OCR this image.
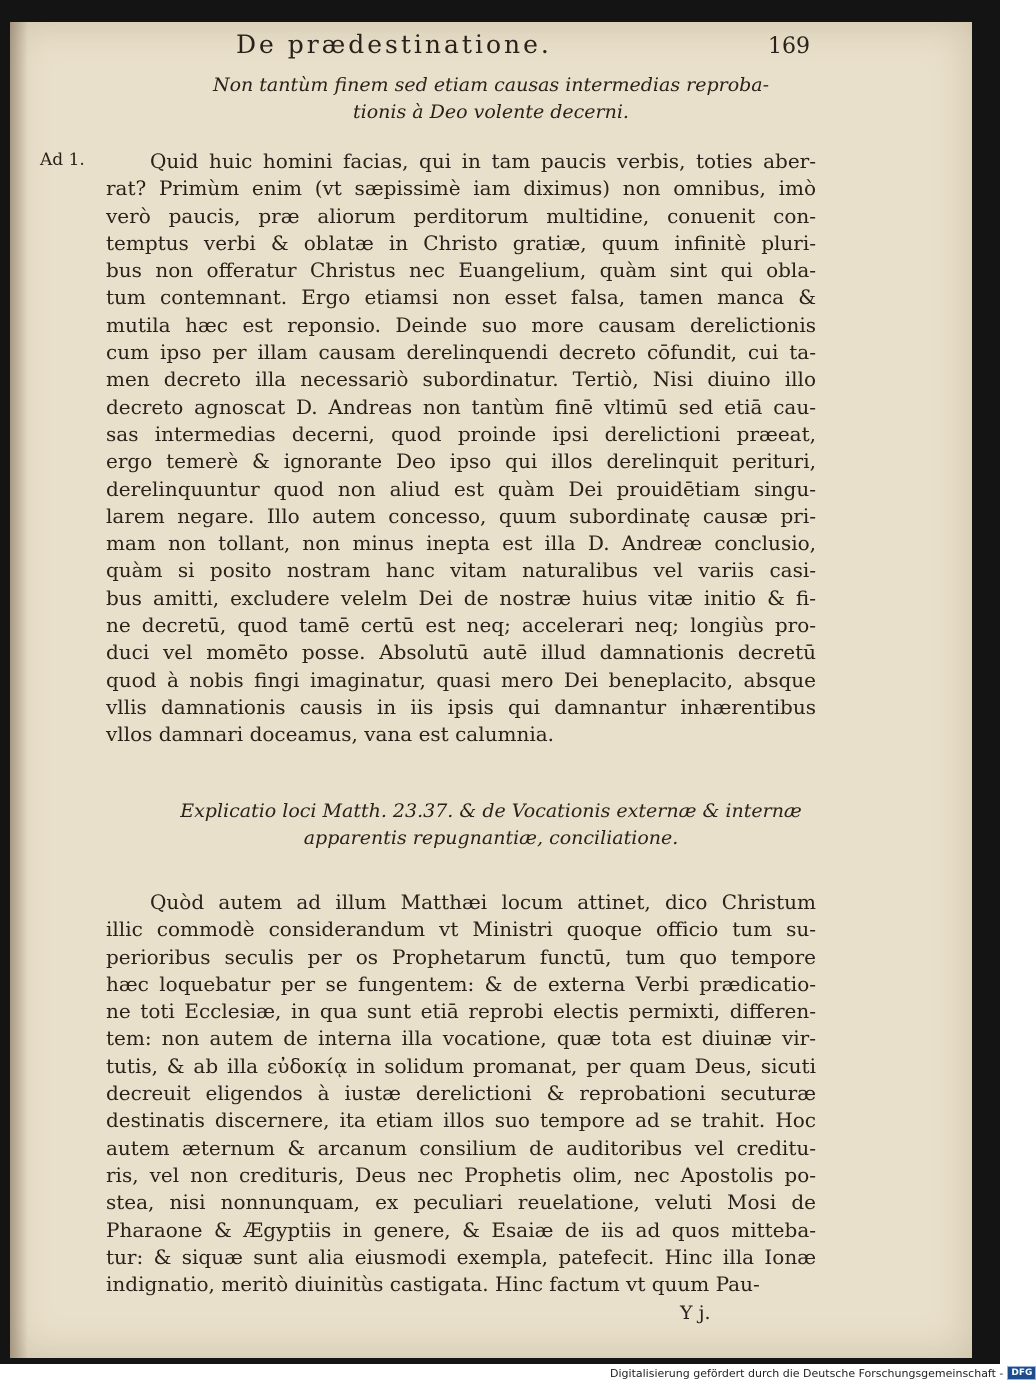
De prædestinatione.	169
Non tantùm finem sed etiam causas intermedias reproba-
tionis à Deo volente decerni.
Ad 1.	Quid huic homini facias, qui in tam paucis verbis, toties aber-
rat? Primùm enim (vt sæpissimè iam diximus) non omnibus, imò
verò paucis, præ aliorum perditorum multidine, conuenit con-
temptus verbi & oblatæ in Christo gratiæ, quum infinitè pluri-
bus non offeratur Christus nec Euangelium, quàm sint qui obla-
tum contemnant. Ergo etiamsi non esset falsa, tamen manca &
mutila hæc est reponsio. Deinde suo more causam derelictionis
cum ipso per illam causam derelinquendi decreto cōfundit, cui ta-
men decreto illa necessariò subordinatur. Tertiò, Nisi diuino illo
decreto agnoscat D. Andreas non tantùm finē vltimū sed etiā cau-
sas intermedias decerni, quod proinde ipsi derelictioni præeat,
ergo temerè & ignorante Deo ipso qui illos derelinquit perituri,
derelinquuntur quod non aliud est quàm Dei prouidētiam singu-
larem negare. Illo autem concesso, quum subordinatę causæ pri-
mam non tollant, non minus inepta est illa D. Andreæ conclusio,
quàm si posito nostram hanc vitam naturalibus vel variis casi-
bus amitti, excludere velelm Dei de nostræ huius vitæ initio & fi-
ne decretū, quod tamē certū est neq; accelerari neq; longiùs pro-
duci vel momēto posse. Absolutū autē illud damnationis decretū
quod à nobis fingi imaginatur, quasi mero Dei beneplacito, absque
vllis damnationis causis in iis ipsis qui damnantur inhærentibus
vllos damnari doceamus, vana est calumnia.
Explicatio loci Matth. 23.37. & de Vocationis externæ & internæ
apparentis repugnantiæ, conciliatione.
Quòd autem ad illum Matthæi locum attinet, dico Christum
illic commodè considerandum vt Ministri quoque officio tum su-
perioribus seculis per os Prophetarum functū, tum quo tempore
hæc loquebatur per se fungentem: & de externa Verbi prædicatio-
ne toti Ecclesiæ, in qua sunt etiā reprobi electis permixti, differen-
tem: non autem de interna illa vocatione, quæ tota est diuinæ vir-
tutis, & ab illa εὐδοκίᾳ in solidum promanat, per quam Deus, sicuti
decreuit eligendos à iustæ derelictioni & reprobationi secuturæ
destinatis discernere, ita etiam illos suo tempore ad se trahit. Hoc
autem æternum & arcanum consilium de auditoribus vel creditu-
ris, vel non credituris, Deus nec Prophetis olim, nec Apostolis po-
stea, nisi nonnunquam, ex peculiari reuelatione, veluti Mosi de
Pharaone & Ægyptiis in genere, & Esaiæ de iis ad quos mitteba-
tur: & siquæ sunt alia eiusmodi exempla, patefecit. Hinc illa Ionæ
indignatio, meritò diuinitùs castigata. Hinc factum vt quum Pau-
Y j.
Digitalisierung gefördert durch die Deutsche Forschungsgemeinschaft - DFG
